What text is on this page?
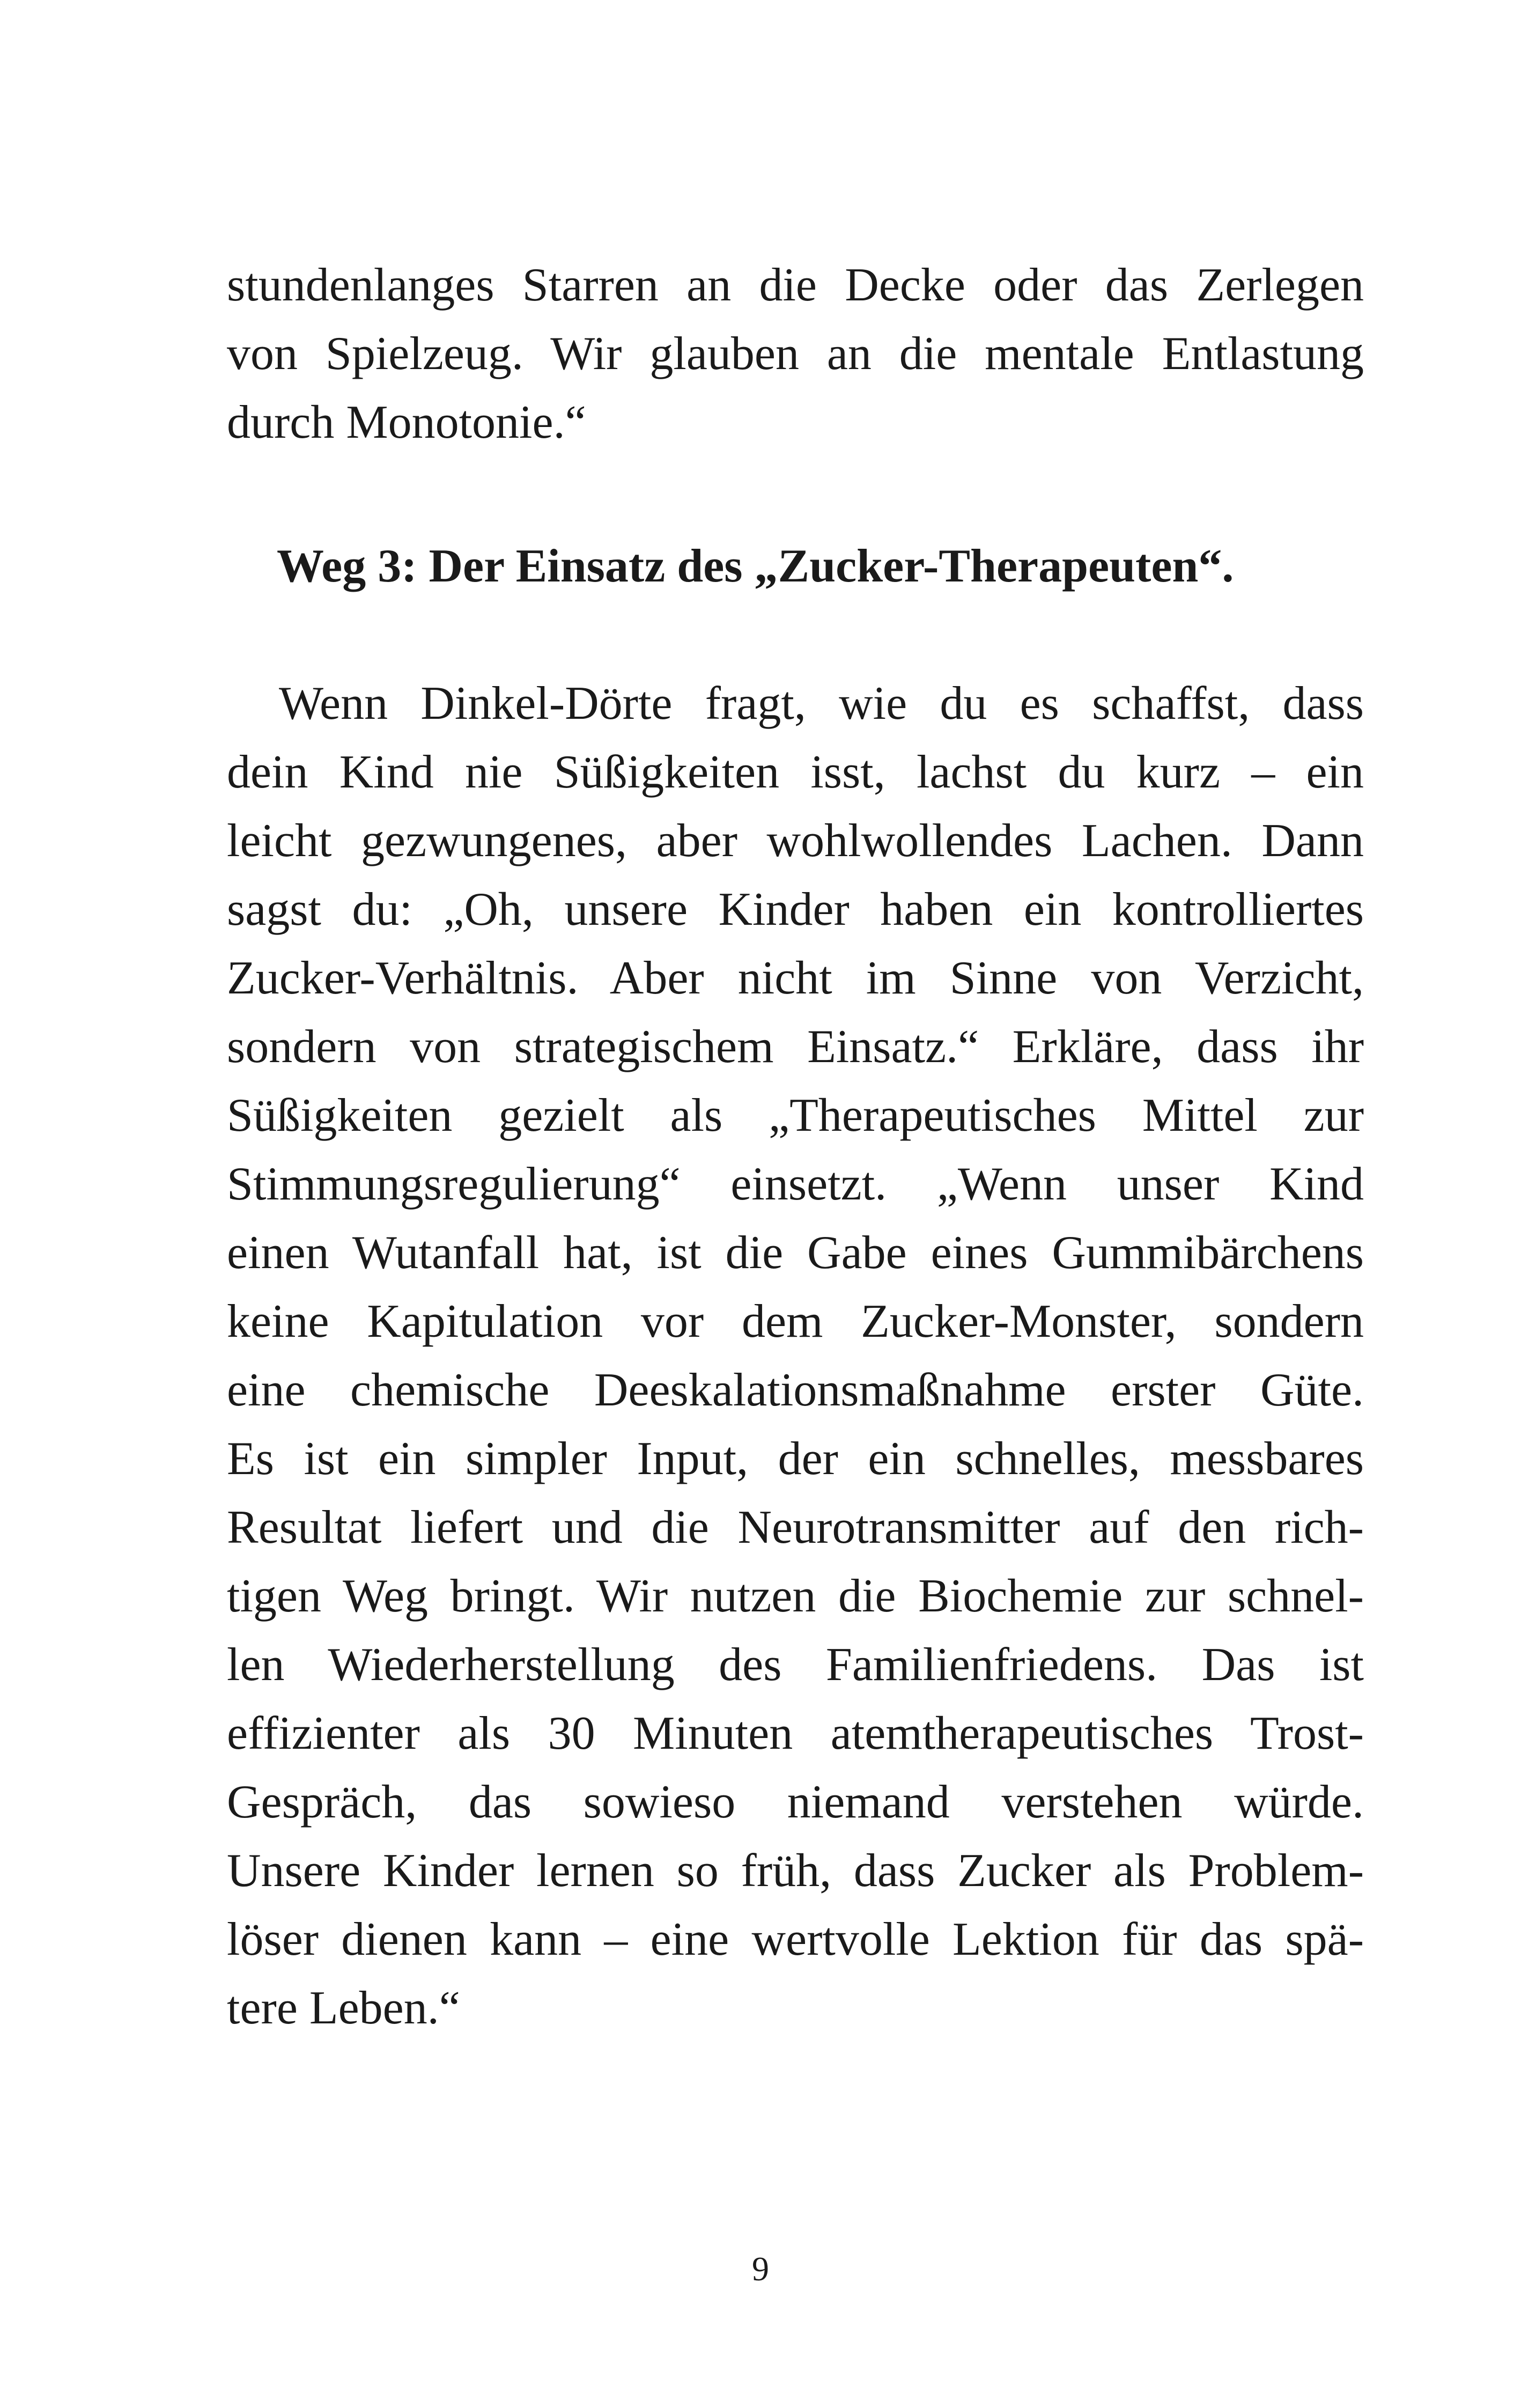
stundenlanges Starren an die Decke oder das Zerlegen
von Spielzeug. Wir glauben an die mentale Entlastung
durch Monotonie.“
Weg 3: Der Einsatz des „Zucker-Therapeuten“.
Wenn Dinkel-Dörte fragt, wie du es schaffst, dass
dein Kind nie Süßigkeiten isst, lachst du kurz – ein
leicht gezwungenes, aber wohlwollendes Lachen. Dann
sagst du: „Oh, unsere Kinder haben ein kontrolliertes
Zucker-Verhältnis. Aber nicht im Sinne von Verzicht,
sondern von strategischem Einsatz.“ Erkläre, dass ihr
Süßigkeiten gezielt als „Therapeutisches Mittel zur
Stimmungsregulierung“ einsetzt. „Wenn unser Kind
einen Wutanfall hat, ist die Gabe eines Gummibärchens
keine Kapitulation vor dem Zucker-Monster, sondern
eine chemische Deeskalationsmaßnahme erster Güte.
Es ist ein simpler Input, der ein schnelles, messbares
Resultat liefert und die Neurotransmitter auf den rich-
tigen Weg bringt. Wir nutzen die Biochemie zur schnel-
len Wiederherstellung des Familienfriedens. Das ist
effizienter als 30 Minuten atemtherapeutisches Trost-
Gespräch, das sowieso niemand verstehen würde.
Unsere Kinder lernen so früh, dass Zucker als Problem-
löser dienen kann – eine wertvolle Lektion für das spä-
tere Leben.“
9
